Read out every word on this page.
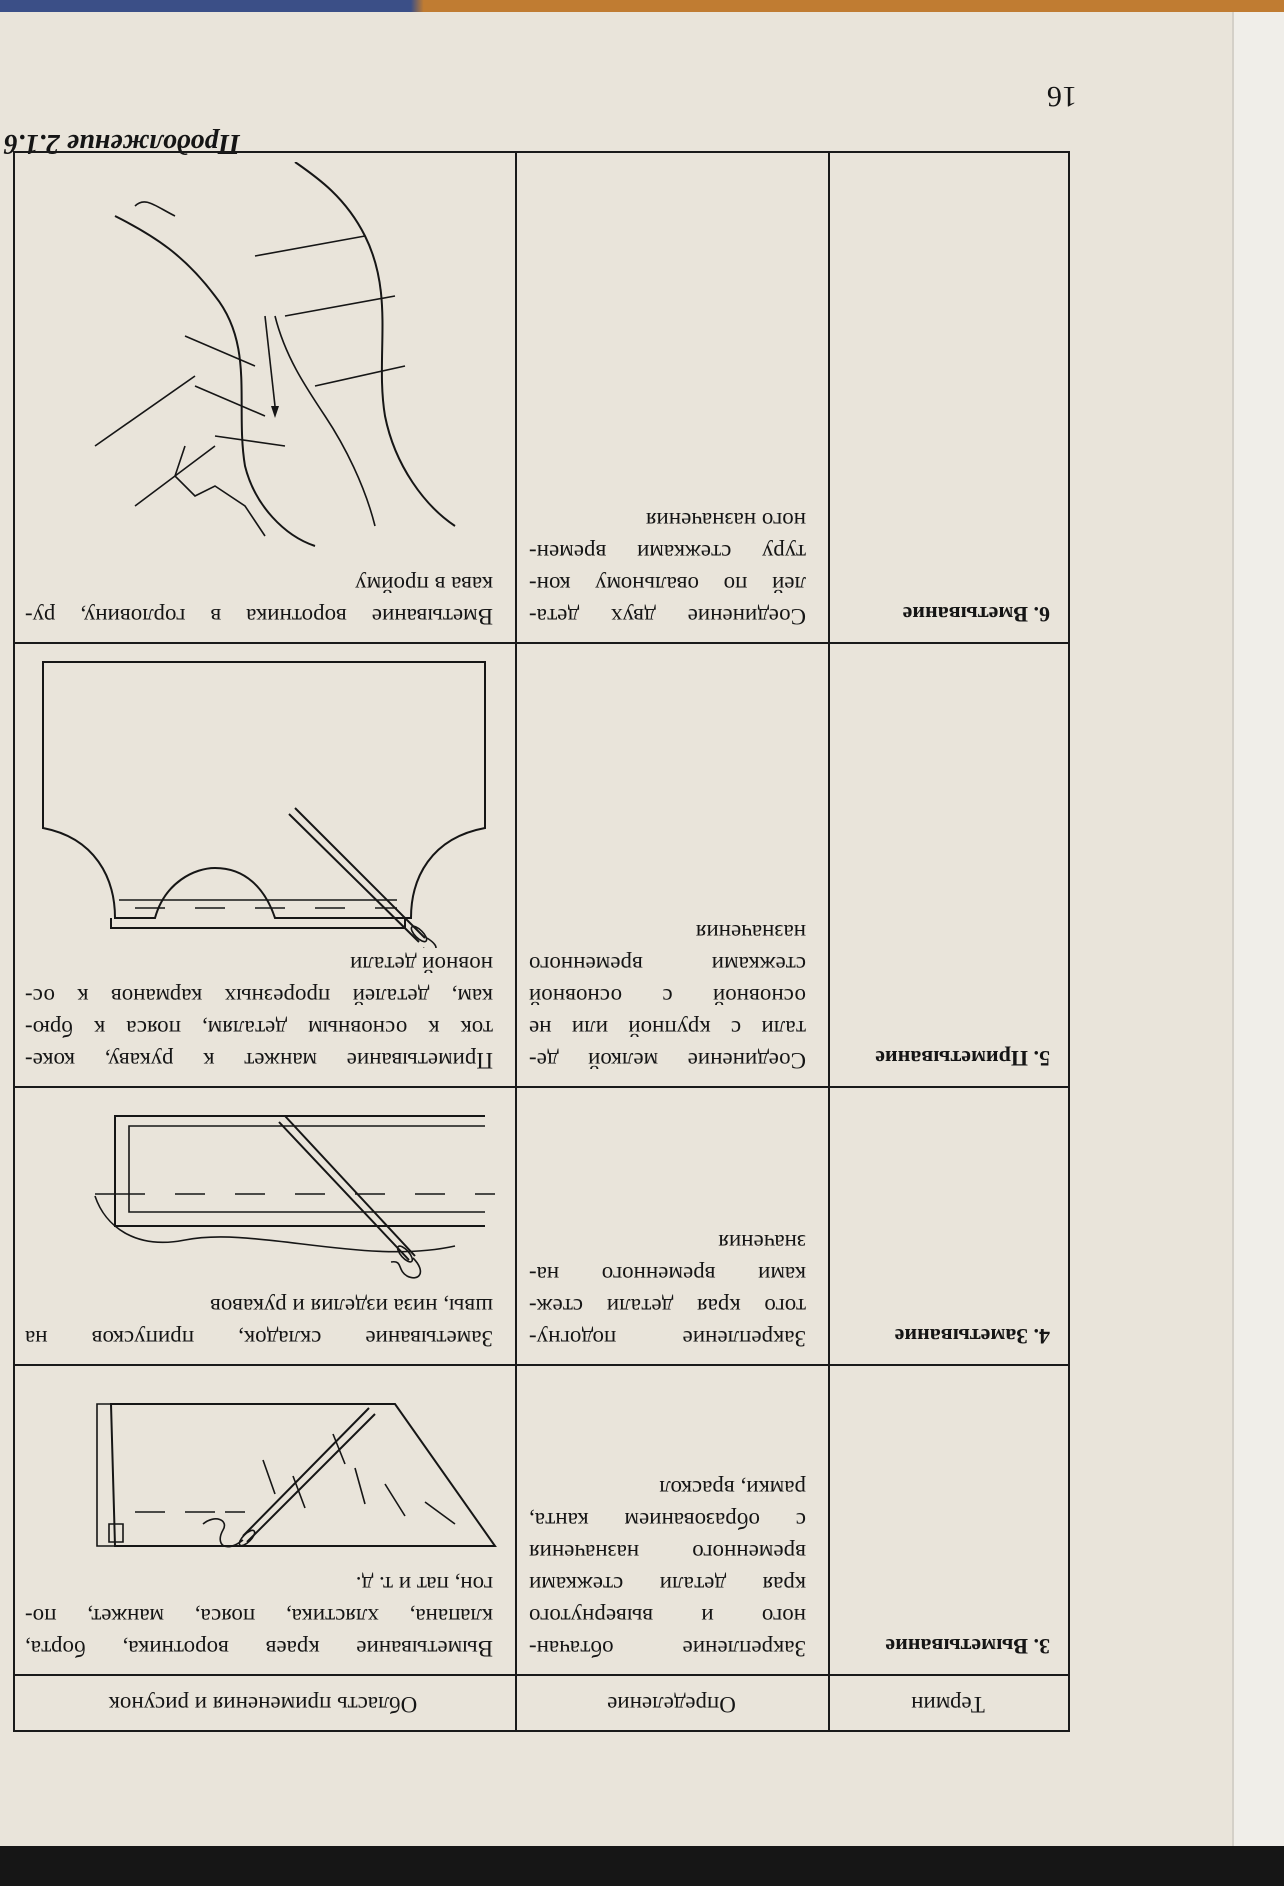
Продолжение 2.1.6
16
Термин
Определение
Область применения и рисунок
3. Выметывание
Закрепление обтачан-
ного и вывернутого
края детали стежками
временного назначения
с образованием канта,
рамки, враскол
Выметывание краев воротника, борта,
клапана, хлястика, пояса, манжет, по-
гон, пат и т. д.
4. Заметывание
Закрепление подогну-
того края детали стеж-
ками временного на-
значения
Заметывание складок, припусков на
швы, низа изделия и рукавов
5. Приметывание
Соединение мелкой де-
тали с крупной или не
основной с основной
стежками временного
назначения
Приметывание манжет к рукаву, коке-
ток к основным деталям, пояса к брю-
кам, деталей прорезных карманов к ос-
новной детали
6. Вметывание
Соединение двух дета-
лей по овальному кон-
туру стежками времен-
ного назначения
Вметывание воротника в горловину, ру-
кава в пройму
